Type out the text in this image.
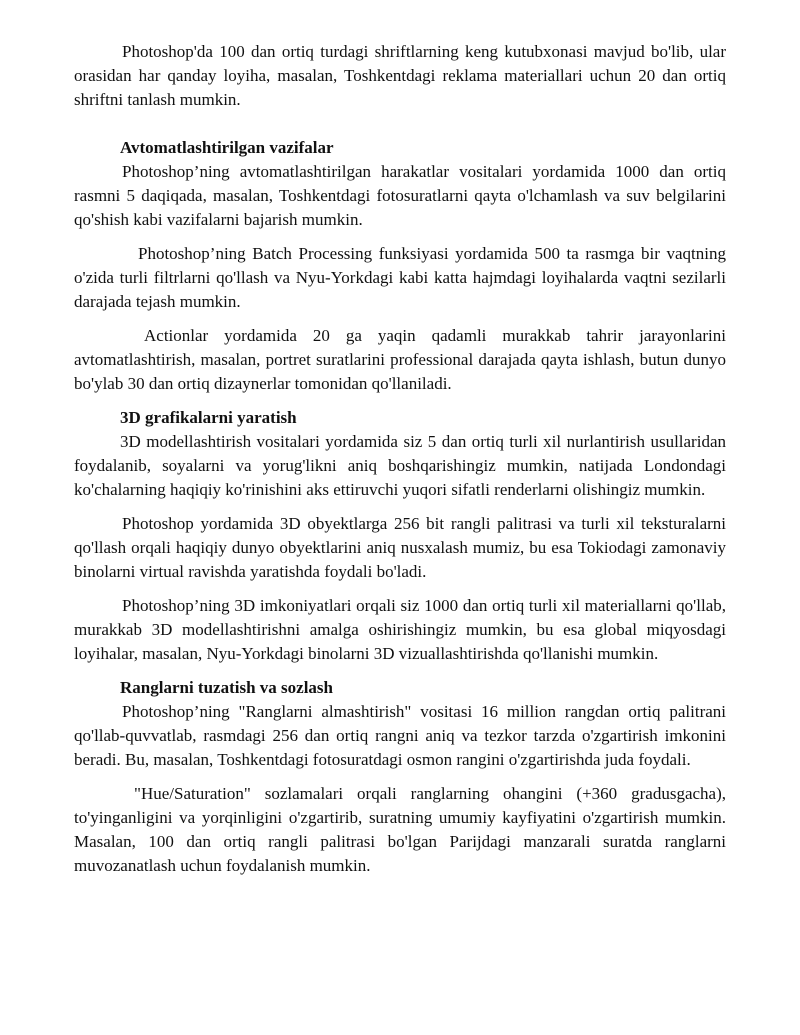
Photoshop'da 100 dan ortiq turdagi shriftlarning keng kutubxonasi mavjud bo'lib, ular orasidan har qanday loyiha, masalan, Toshkentdagi reklama materiallari uchun 20 dan ortiq shriftni tanlash mumkin.

Avtomatlashtirilgan vazifalar

Photoshop’ning avtomatlashtirilgan harakatlar vositalari yordamida 1000 dan ortiq rasmni 5 daqiqada, masalan, Toshkentdagi fotosuratlarni qayta o'lchamlash va suv belgilarini qo'shish kabi vazifalarni bajarish mumkin.

Photoshop’ning Batch Processing funksiyasi yordamida 500 ta rasmga bir vaqtning o'zida turli filtrlarni qo'llash va Nyu-Yorkdagi kabi katta hajmdagi loyihalarda vaqtni sezilarli darajada tejash mumkin.

Actionlar yordamida 20 ga yaqin qadamli murakkab tahrir jarayonlarini avtomatlashtirish, masalan, portret suratlarini professional darajada qayta ishlash, butun dunyo bo'ylab 30 dan ortiq dizaynerlar tomonidan qo'llaniladi.

3D grafikalarni yaratish

3D modellashtirish vositalari yordamida siz 5 dan ortiq turli xil nurlantirish usullaridan foydalanib, soyalarni va yorug'likni aniq boshqarishingiz mumkin, natijada Londondagi ko'chalarning haqiqiy ko'rinishini aks ettiruvchi yuqori sifatli renderlarni olishingiz mumkin.

Photoshop yordamida 3D obyektlarga 256 bit rangli palitrasi va turli xil teksturalarni qo'llash orqali haqiqiy dunyo obyektlarini aniq nusxalash mumiz, bu esa Tokiodagi zamonaviy binolarni virtual ravishda yaratishda foydali bo'ladi.

Photoshop’ning 3D imkoniyatlari orqali siz 1000 dan ortiq turli xil materiallarni qo'llab, murakkab 3D modellashtirishni amalga oshirishingiz mumkin, bu esa global miqyosdagi loyihalar, masalan, Nyu-Yorkdagi binolarni 3D vizuallashtirishda qo'llanishi mumkin.

Ranglarni tuzatish va sozlash

Photoshop’ning "Ranglarni almashtirish" vositasi 16 million rangdan ortiq palitrani qo'llab-quvvatlab, rasmdagi 256 dan ortiq rangni aniq va tezkor tarzda o'zgartirish imkonini beradi. Bu, masalan, Toshkentdagi fotosuratdagi osmon rangini o'zgartirishda juda foydali.

"Hue/Saturation" sozlamalari orqali ranglarning ohangini (+360 gradusgacha), to'yinganligini va yorqinligini o'zgartirib, suratning umumiy kayfiyatini o'zgartirish mumkin. Masalan, 100 dan ortiq rangli palitrasi bo'lgan Parijdagi manzarali suratda ranglarni muvozanatlash uchun foydalanish mumkin.
